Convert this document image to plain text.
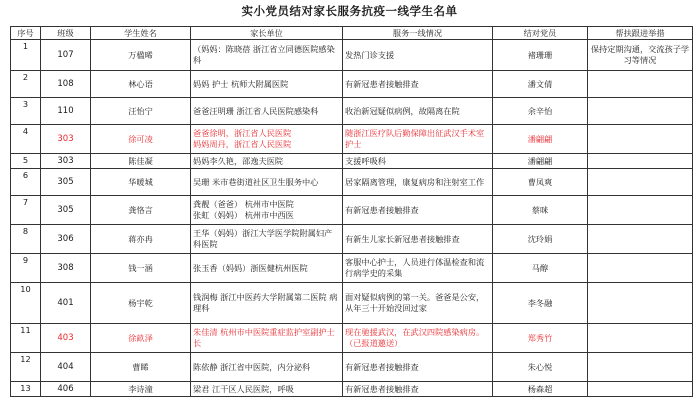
实小党员结对家长服务抗疫一线学生名单
序号	班级	学生姓名	家长单位	服务一线情况	结对党员	帮扶跟进举措
1	107	万楹晞	（妈妈：陈晓蓓 浙江省立同德医院感染科	发热门诊支援	褚珊珊	保持定期沟通，交流孩子学习等情况
2	108	林心语	妈妈 护士 杭师大附属医院	有新冠患者接触排查	潘文倩	
3	110	汪怡宁	爸爸汪明珊 浙江省人民医院感染科	收治新冠疑似病例，故隔离在院	余辛怡	
4	303	徐可凌	爸爸徐明，浙江省人民医院
妈妈周丹，浙江省人民医院	随浙江医疗队后勤保障出征武汉手术室护士	潘翩翩	
5	303	陈佳凝	妈妈李久艳，邵逸夫医院	支援呼吸科	潘翩翩	
6	305	华暖城	吴珊 米市巷街道社区卫生服务中心	居家隔离管理，康复病房和注射室工作	曹凤爽	
7	305	龚恪言	龚靓（爸爸） 杭州市中医院
张虹（妈妈） 杭州市中西医	有新冠患者接触排查	蔡咪	
8	306	蒋亦冉	王华（妈妈）浙江大学医学院附属妇产科医院	有新生儿家长新冠患者接触排查	沈玲娟	
9	308	钱一涵	张玉香（妈妈）浙医健杭州医院	客服中心护士，人员进行体温检查和流行病学史的采集	马醇	
10	401	杨宇乾	钱润梅 浙江中医药大学附属第二医院 病理科	面对疑似病例的第一关。爸爸是公安，从年三十开始没回过家	李冬融	
11	403	徐畝泽	朱佳清 杭州市中医院重症监护室副护士长	现在驰援武汉，在武汉四院感染病房。（已报道邀送）	郑秀竹	
12	404	曹睎	陈依静 浙江省中医院，内分泌科	有新冠患者接触排查	朱心悦	
13	406	李诗潼	梁君 江干区人民医院，呼吸	有新冠患者接触排查	杨森超	
